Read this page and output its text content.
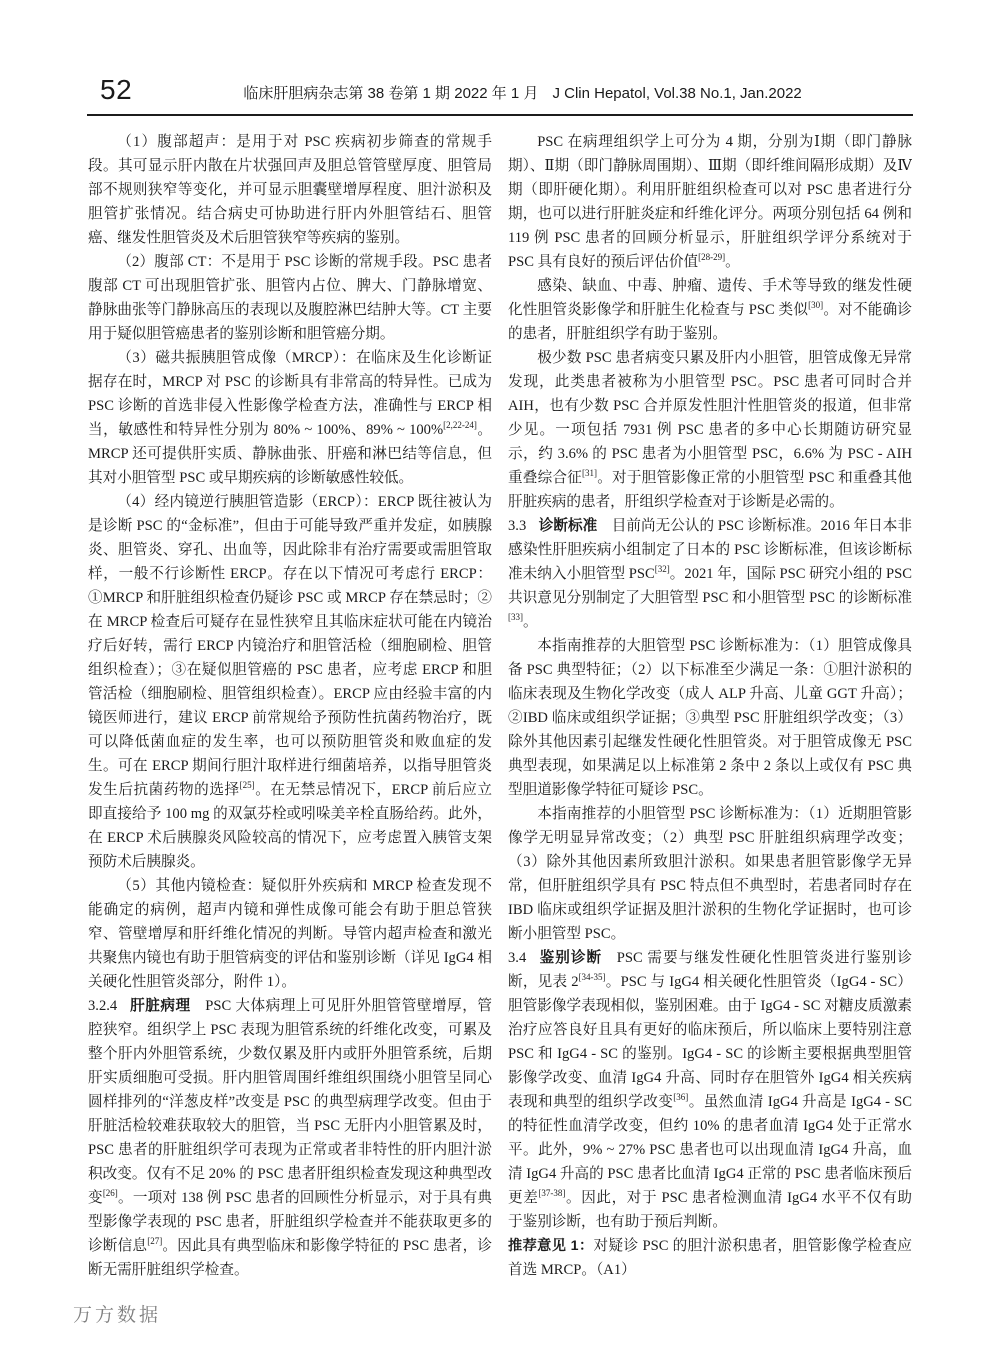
52	临床肝胆病杂志第 38 卷第 1 期 2022 年 1 月 J Clin Hepatol, Vol.38 No.1, Jan.2022

（1）腹部超声：是用于对 PSC 疾病初步筛查的常规手段。其可显示肝内散在片状强回声及胆总管管壁厚度、胆管局部不规则狭窄等变化，并可显示胆囊壁增厚程度、胆汁淤积及胆管扩张情况。结合病史可协助进行肝内外胆管结石、胆管癌、继发性胆管炎及术后胆管狭窄等疾病的鉴别。

（2）腹部 CT：不是用于 PSC 诊断的常规手段。PSC 患者腹部 CT 可出现胆管扩张、胆管内占位、脾大、门静脉增宽、静脉曲张等门静脉高压的表现以及腹腔淋巴结肿大等。CT 主要用于疑似胆管癌患者的鉴别诊断和胆管癌分期。

（3）磁共振胰胆管成像（MRCP）：在临床及生化诊断证据存在时，MRCP 对 PSC 的诊断具有非常高的特异性。已成为 PSC 诊断的首选非侵入性影像学检查方法，准确性与 ERCP 相当，敏感性和特异性分别为 80% ~ 100%、89% ~ 100%[2,22-24]。MRCP 还可提供肝实质、静脉曲张、肝癌和淋巴结等信息，但其对小胆管型 PSC 或早期疾病的诊断敏感性较低。

（4）经内镜逆行胰胆管造影（ERCP）：ERCP 既往被认为是诊断 PSC 的“金标准”，但由于可能导致严重并发症，如胰腺炎、胆管炎、穿孔、出血等，因此除非有治疗需要或需胆管取样，一般不行诊断性 ERCP。存在以下情况可考虑行 ERCP：①MRCP 和肝脏组织检查仍疑诊 PSC 或 MRCP 存在禁忌时；②在 MRCP 检查后可疑存在显性狭窄且其临床症状可能在内镜治疗后好转，需行 ERCP 内镜治疗和胆管活检（细胞刷检、胆管组织检查）；③在疑似胆管癌的 PSC 患者，应考虑 ERCP 和胆管活检（细胞刷检、胆管组织检查）。ERCP 应由经验丰富的内镜医师进行，建议 ERCP 前常规给予预防性抗菌药物治疗，既可以降低菌血症的发生率，也可以预防胆管炎和败血症的发生。可在 ERCP 期间行胆汁取样进行细菌培养，以指导胆管炎发生后抗菌药物的选择[25]。在无禁忌情况下，ERCP 前后应立即直接给予 100 mg 的双氯芬栓或吲哚美辛栓直肠给药。此外，在 ERCP 术后胰腺炎风险较高的情况下，应考虑置入胰管支架预防术后胰腺炎。

（5）其他内镜检查：疑似肝外疾病和 MRCP 检查发现不能确定的病例，超声内镜和弹性成像可能会有助于胆总管狭窄、管壁增厚和肝纤维化情况的判断。导管内超声检查和激光共聚焦内镜也有助于胆管病变的评估和鉴别诊断（详见 IgG4 相关硬化性胆管炎部分，附件 1）。

3.2.4 肝脏病理 PSC 大体病理上可见肝外胆管管壁增厚，管腔狭窄。组织学上 PSC 表现为胆管系统的纤维化改变，可累及整个肝内外胆管系统，少数仅累及肝内或肝外胆管系统，后期肝实质细胞可受损。肝内胆管周围纤维组织围绕小胆管呈同心圆样排列的“洋葱皮样”改变是 PSC 的典型病理学改变。但由于肝脏活检较难获取较大的胆管，当 PSC 无肝内小胆管累及时，PSC 患者的肝脏组织学可表现为正常或者非特性的肝内胆汁淤积改变。仅有不足 20% 的 PSC 患者肝组织检查发现这种典型改变[26]。一项对 138 例 PSC 患者的回顾性分析显示，对于具有典型影像学表现的 PSC 患者，肝脏组织学检查并不能获取更多的诊断信息[27]。因此具有典型临床和影像学特征的 PSC 患者，诊断无需肝脏组织学检查。

PSC 在病理组织学上可分为 4 期，分别为Ⅰ期（即门静脉期）、Ⅱ期（即门静脉周围期）、Ⅲ期（即纤维间隔形成期）及Ⅳ期（即肝硬化期）。利用肝脏组织检查可以对 PSC 患者进行分期，也可以进行肝脏炎症和纤维化评分。两项分别包括 64 例和 119 例 PSC 患者的回顾分析显示，肝脏组织学评分系统对于 PSC 具有良好的预后评估价值[28-29]。

感染、缺血、中毒、肿瘤、遗传、手术等导致的继发性硬化性胆管炎影像学和肝脏生化检查与 PSC 类似[30]。对不能确诊的患者，肝脏组织学有助于鉴别。

极少数 PSC 患者病变只累及肝内小胆管，胆管成像无异常发现，此类患者被称为小胆管型 PSC。PSC 患者可同时合并 AIH，也有少数 PSC 合并原发性胆汁性胆管炎的报道，但非常少见。一项包括 7931 例 PSC 患者的多中心长期随访研究显示，约 3.6% 的 PSC 患者为小胆管型 PSC，6.6% 为 PSC - AIH 重叠综合征[31]。对于胆管影像正常的小胆管型 PSC 和重叠其他肝脏疾病的患者，肝组织学检查对于诊断是必需的。

3.3 诊断标准 目前尚无公认的 PSC 诊断标准。2016 年日本非感染性肝胆疾病小组制定了日本的 PSC 诊断标准，但该诊断标准未纳入小胆管型 PSC[32]。2021 年，国际 PSC 研究小组的 PSC 共识意见分别制定了大胆管型 PSC 和小胆管型 PSC 的诊断标准[33]。

本指南推荐的大胆管型 PSC 诊断标准为：（1）胆管成像具备 PSC 典型特征；（2）以下标准至少满足一条：①胆汁淤积的临床表现及生物化学改变（成人 ALP 升高、儿童 GGT 升高）；②IBD 临床或组织学证据；③典型 PSC 肝脏组织学改变；（3）除外其他因素引起继发性硬化性胆管炎。对于胆管成像无 PSC 典型表现，如果满足以上标准第 2 条中 2 条以上或仅有 PSC 典型胆道影像学特征可疑诊 PSC。

本指南推荐的小胆管型 PSC 诊断标准为：（1）近期胆管影像学无明显异常改变；（2）典型 PSC 肝脏组织病理学改变；（3）除外其他因素所致胆汁淤积。如果患者胆管影像学无异常，但肝脏组织学具有 PSC 特点但不典型时，若患者同时存在 IBD 临床或组织学证据及胆汁淤积的生物化学证据时，也可诊断小胆管型 PSC。

3.4 鉴别诊断 PSC 需要与继发性硬化性胆管炎进行鉴别诊断，见表 2[34-35]。PSC 与 IgG4 相关硬化性胆管炎（IgG4 - SC）胆管影像学表现相似，鉴别困难。由于 IgG4 - SC 对糖皮质激素治疗应答良好且具有更好的临床预后，所以临床上要特别注意 PSC 和 IgG4 - SC 的鉴别。IgG4 - SC 的诊断主要根据典型胆管影像学改变、血清 IgG4 升高、同时存在胆管外 IgG4 相关疾病表现和典型的组织学改变[36]。虽然血清 IgG4 升高是 IgG4 - SC 的特征性血清学改变，但约 10% 的患者血清 IgG4 处于正常水平。此外，9% ~ 27% PSC 患者也可以出现血清 IgG4 升高，血清 IgG4 升高的 PSC 患者比血清 IgG4 正常的 PSC 患者临床预后更差[37-38]。因此，对于 PSC 患者检测血清 IgG4 水平不仅有助于鉴别诊断，也有助于预后判断。

推荐意见 1：对疑诊 PSC 的胆汁淤积患者，胆管影像学检查应首选 MRCP。（A1）

万方数据
